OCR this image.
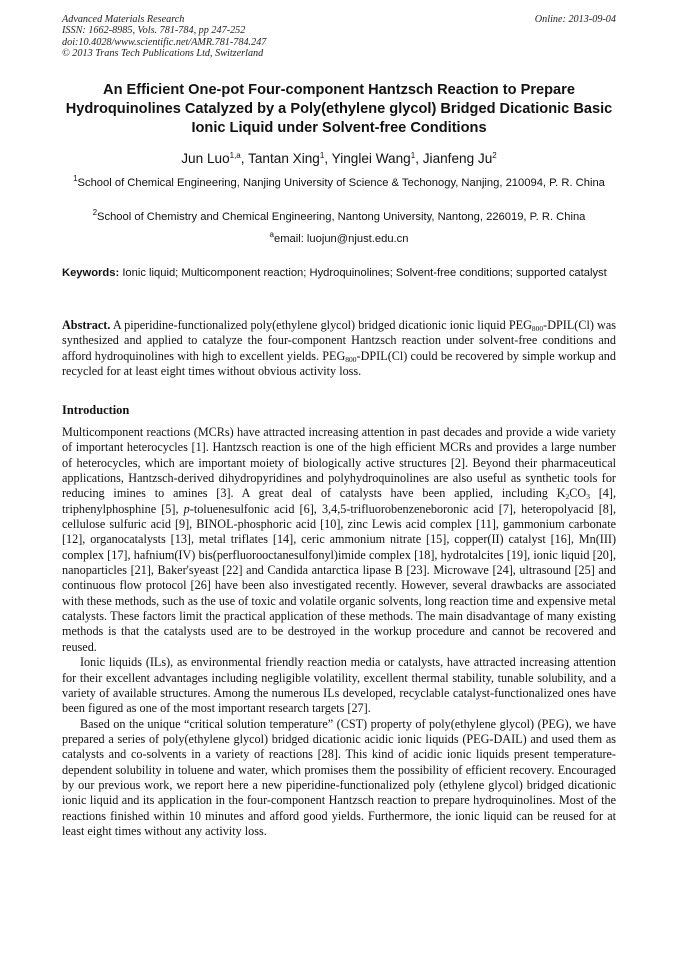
Advanced Materials Research
ISSN: 1662-8985, Vols. 781-784, pp 247-252
doi:10.4028/www.scientific.net/AMR.781-784.247
© 2013 Trans Tech Publications Ltd, Switzerland
Online: 2013-09-04
An Efficient One-pot Four-component Hantzsch Reaction to Prepare Hydroquinolines Catalyzed by a Poly(ethylene glycol) Bridged Dicationic Basic Ionic Liquid under Solvent-free Conditions
Jun Luo$^{1,a}$, Tantan Xing$^1$, Yinglei Wang$^1$, Jianfeng Ju$^2$
$^1$School of Chemical Engineering, Nanjing University of Science & Techonogy, Nanjing, 210094, P. R. China
$^2$School of Chemistry and Chemical Engineering, Nantong University, Nantong, 226019, P. R. China
$^a$email: luojun@njust.edu.cn
Keywords: Ionic liquid; Multicomponent reaction; Hydroquinolines; Solvent-free conditions; supported catalyst
Abstract. A piperidine-functionalized poly(ethylene glycol) bridged dicationic ionic liquid $PEG_{800}-DPIL(Cl)$ was synthesized and applied to catalyze the four-component Hantzsch reaction under solvent-free conditions and afford hydroquinolines with high to excellent yields. $PEG_{800}-DPIL(Cl)$ could be recovered by simple workup and recycled for at least eight times without obvious activity loss.
Introduction

Multicomponent reactions (MCRs) have attracted increasing attention in past decades and provide a wide variety of important heterocycles [1]. Hantzsch reaction is one of the high efficient MCRs and provides a large number of heterocycles, which are important moiety of biologically active structures [2]. Beyond their pharmaceutical applications, Hantzsch-derived dihydropyridines and polyhydroquinolines are also useful as synthetic tools for reducing imines to amines [3]. A great deal of catalysts have been applied, including $K_2CO_3$ [4], triphenylphosphine [5], p-toluenesulfonic acid [6], 3,4,5-trifluorobenzeneboronic acid [7], heteropolyacid [8], cellulose sulfuric acid [9], BINOL-phosphoric acid [10], zinc Lewis acid complex [11], gammonium carbonate [12], organocatalysts [13], metal triflates [14], ceric ammonium nitrate [15], copper(II) catalyst [16], Mn(III) complex [17], hafnium(IV) bis(perfluorooctanesulfonyl)imide complex [18], hydrotalcites [19], ionic liquid [20], nanoparticles [21], Baker'syeast [22] and Candida antarctica lipase B [23]. Microwave [24], ultrasound [25] and continuous flow protocol [26] have been also investigated recently. However, several drawbacks are associated with these methods, such as the use of toxic and volatile organic solvents, long reaction time and expensive metal catalysts. These factors limit the practical application of these methods. The main disadvantage of many existing methods is that the catalysts used are to be destroyed in the workup procedure and cannot be recovered and reused.

Ionic liquids (ILs), as environmental friendly reaction media or catalysts, have attracted increasing attention for their excellent advantages including negligible volatility, excellent thermal stability, tunable solubility, and a variety of available structures. Among the numerous ILs developed, recyclable catalyst-functionalized ones have been figured as one of the most important research targets [27].

Based on the unique “critical solution temperature” (CST) property of poly(ethylene glycol) (PEG), we have prepared a series of poly(ethylene glycol) bridged dicationic acidic ionic liquids (PEG-DAIL) and used them as catalysts and co-solvents in a variety of reactions [28]. This kind of acidic ionic liquids present temperature-dependent solubility in toluene and water, which promises them the possibility of efficient recovery. Encouraged by our previous work, we report here a new piperidine-functionalized poly (ethylene glycol) bridged dicationic ionic liquid and its application in the four-component Hantzsch reaction to prepare hydroquinolines. Most of the reactions finished within 10 minutes and afford good yields. Furthermore, the ionic liquid can be reused for at least eight times without any activity loss.
